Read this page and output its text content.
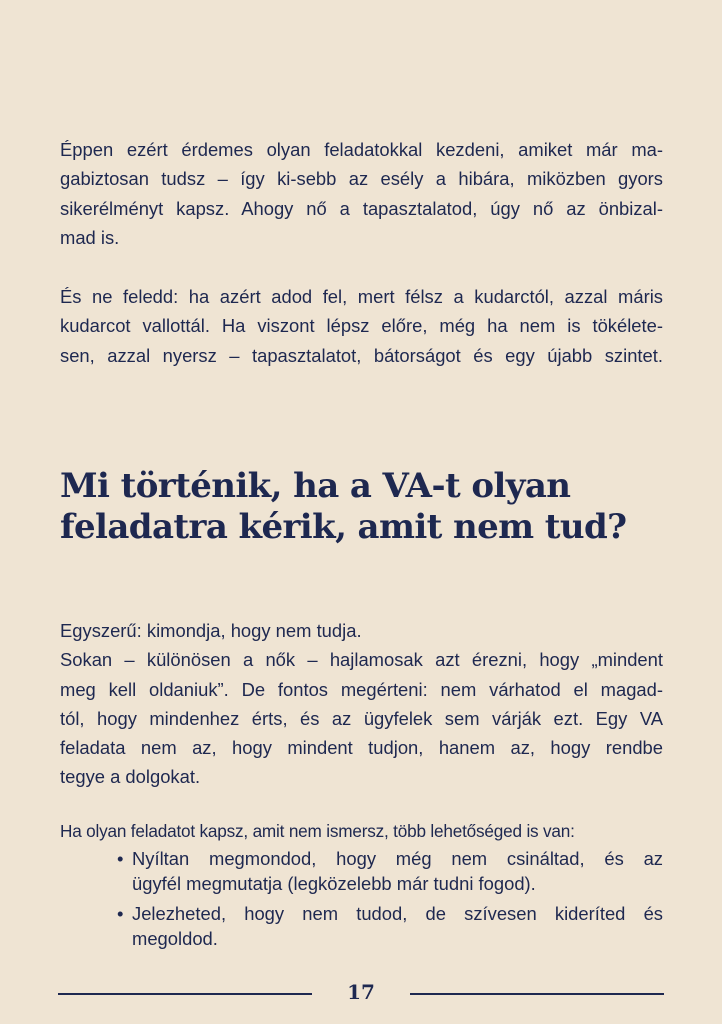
Éppen ezért érdemes olyan feladatokkal kezdeni, amiket már ma-
gabiztosan tudsz – így ki-sebb az esély a hibára, miközben gyors
sikerélményt kapsz. Ahogy nő a tapasztalatod, úgy nő az önbizal-
mad is.

És ne feledd: ha azért adod fel, mert félsz a kudarctól, azzal máris
kudarcot vallottál. Ha viszont lépsz előre, még ha nem is tökélete-
sen, azzal nyersz – tapasztalatot, bátorságot és egy újabb szintet.

Mi történik, ha a VA-t olyan
feladatra kérik, amit nem tud?

Egyszerű: kimondja, hogy nem tudja.
Sokan – különösen a nők – hajlamosak azt érezni, hogy „mindent
meg kell oldaniuk”. De fontos megérteni: nem várhatod el magad-
tól, hogy mindenhez érts, és az ügyfelek sem várják ezt. Egy VA
feladata nem az, hogy mindent tudjon, hanem az, hogy rendbe
tegye a dolgokat.

Ha olyan feladatot kapsz, amit nem ismersz, több lehetőséged is van:

• Nyíltan megmondod, hogy még nem csináltad, és az
ügyfél megmutatja (legközelebb már tudni fogod).
• Jelezheted, hogy nem tudod, de szívesen kideríted és
megoldod.
17
